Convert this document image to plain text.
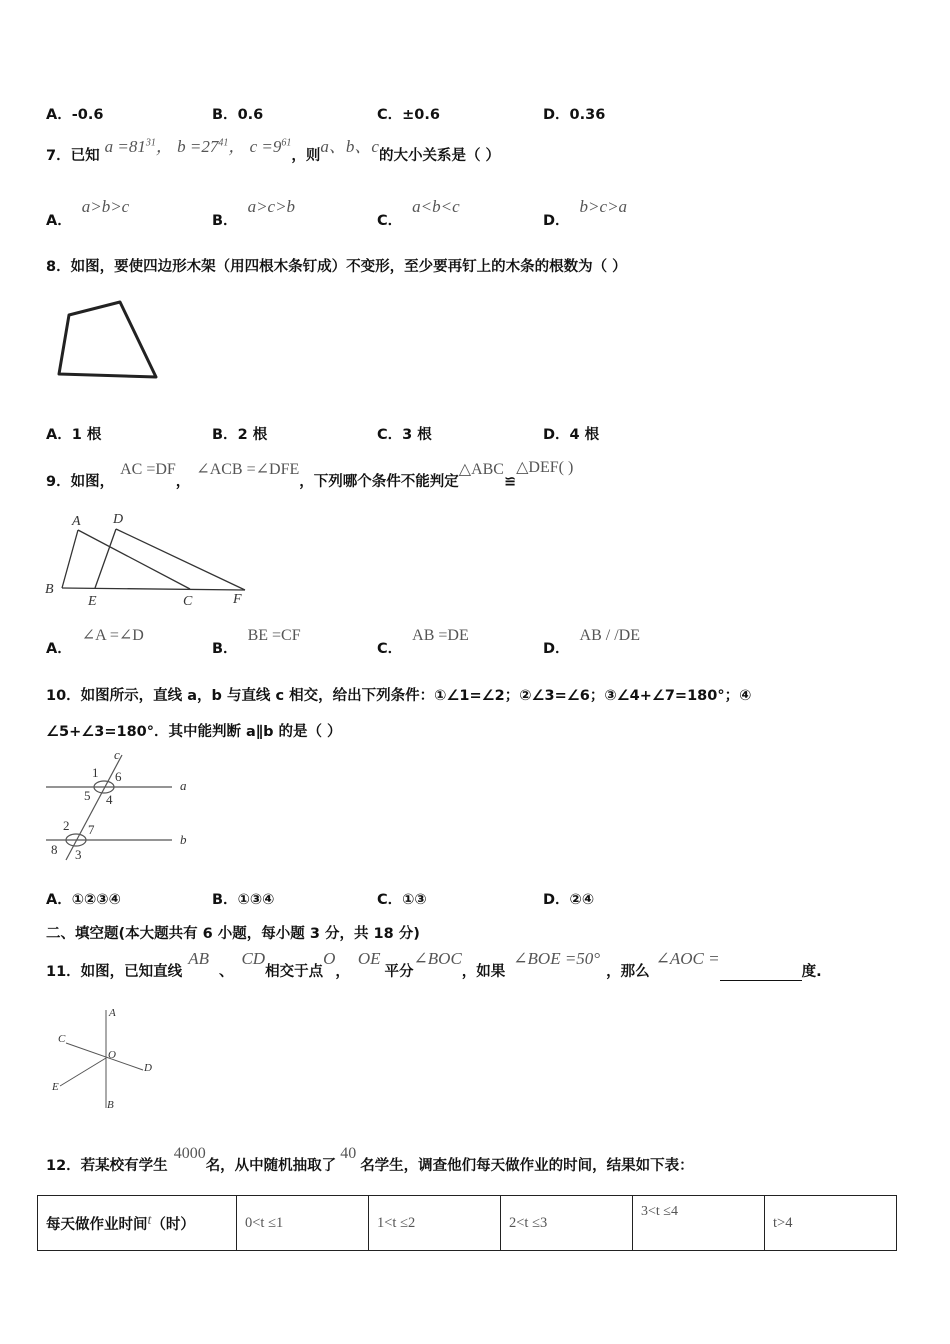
A．-0.6	B．0.6	C．±0.6	D．0.36
7．已知 $a =81^{31}$， $b =27^{41}$， $c =9^{61}$，则a、b、c的大小关系是（ ）
A．a>b>c
B．a>c>b
C．a<b<c
D．b>c>a
8．如图，要使四边形木架（用四根木条钉成）不变形，至少要再钉上的木条的根数为（ ）
A．1 根	B．2 根	C．3 根	D．4 根
9．如图，AC =DF，∠ACB =∠DFE，下列哪个条件不能判定△ABC≌△DEF( )
A D
B
E	C	F
A．∠A =∠D
B．BE =CF
C．AB =DE
D．AB / /DE
10．如图所示，直线 a，b 与直线 c 相交，给出下列条件：①∠1=∠2；②∠3=∠6；③∠4+∠7=180°；④
∠5+∠3=180°．其中能判断 a∥b 的是（ ）
c
a
b
1 6
5 4
2 7
8 3
A．①②③④	B．①③④	C．①③	D．②④
二、填空题(本大题共有 6 小题，每小题 3 分，共 18 分)
11．如图，已知直线AB、CD相交于点O，OE平分∠BOC，如果∠BOE =50°，那么∠AOC =度.
A
C
O
D
E
B
12．若某校有学生4000名，从中随机抽取了40名学生，调查他们每天做作业的时间，结果如下表：
每天做作业时间t（时）	0<t ≤1	1<t ≤2	2<t ≤3	3<t ≤4	t>4
